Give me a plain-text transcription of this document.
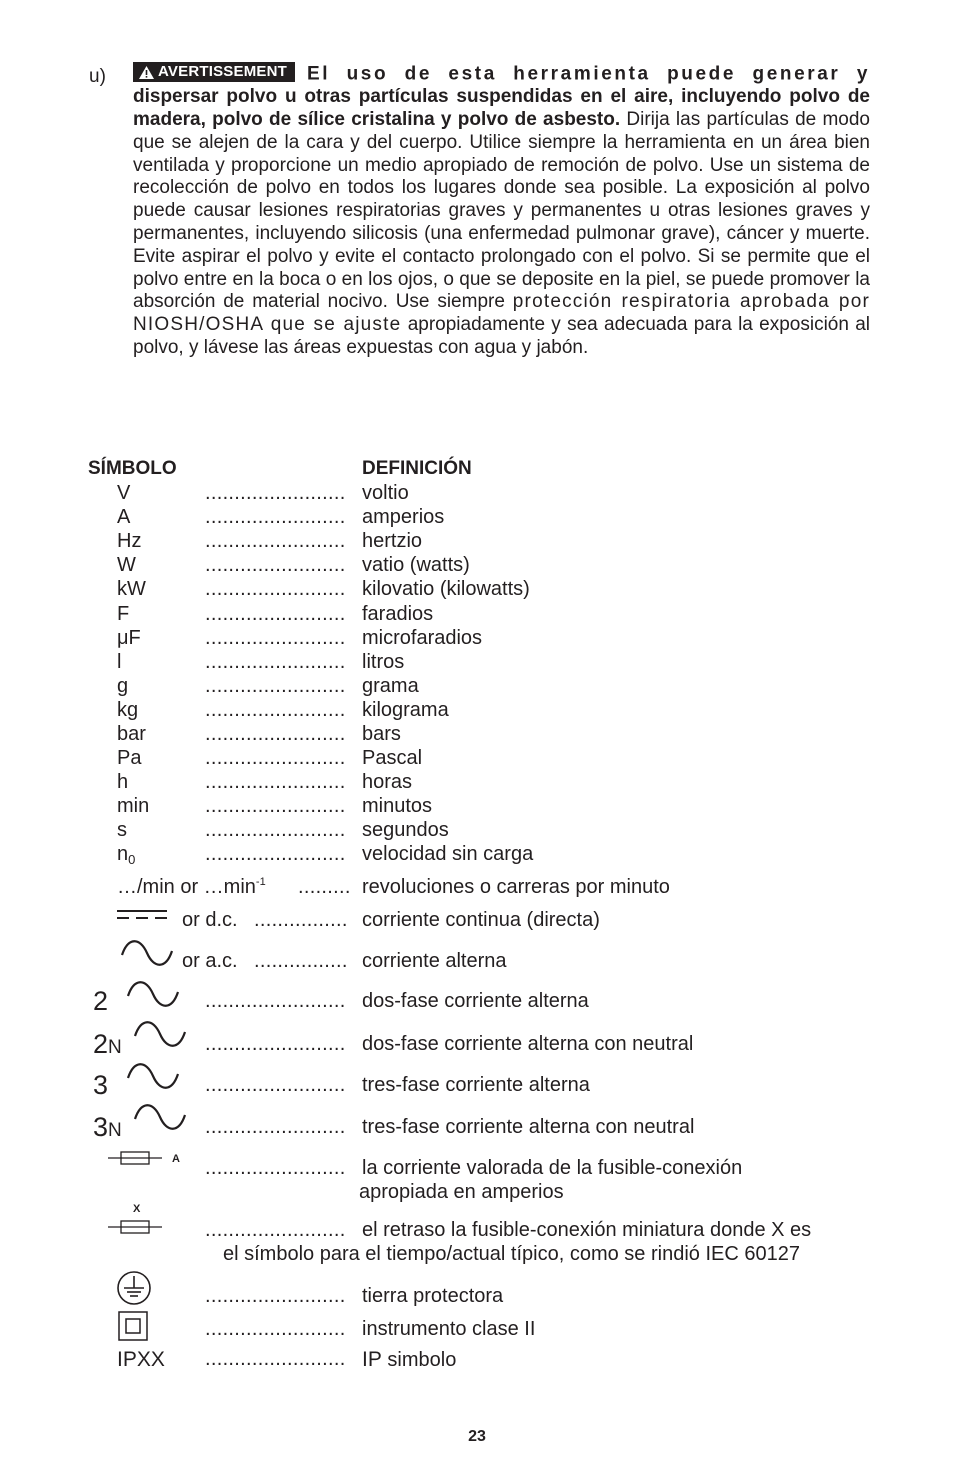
u)	AVERTISSEMENT El uso de esta herramienta puede generar y dispersar polvo u otras partículas suspendidas en el aire, incluyendo polvo de madera, polvo de sílice cristalina y polvo de asbesto. Dirija las partículas de modo que se alejen de la cara y del cuerpo. Utilice siempre la herramienta en un área bien ventilada y proporcione un medio apropiado de remoción de polvo. Use un sistema de recolección de polvo en todos los lugares donde sea posible. La exposición al polvo puede causar lesiones respiratorias graves y permanentes u otras lesiones graves y permanentes, incluyendo silicosis (una enfermedad pulmonar grave), cáncer y muerte. Evite aspirar el polvo y evite el contacto prolongado con el polvo. Si se permite que el polvo entre en la boca o en los ojos, o que se deposite en la piel, se puede promover la absorción de material nocivo. Use siempre protección respiratoria aprobada por NIOSH/OSHA que se ajuste apropiadamente y sea adecuada para la exposición al polvo, y lávese las áreas expuestas con agua y jabón.
SÍMBOLO	DEFINICIÓN
V	........................ voltio
A	........................ amperios
Hz	........................ hertzio
W	........................ vatio (watts)
kW	........................ kilovatio (kilowatts)
F	........................ faradios
μF	........................ microfaradios
l	........................ litros
g	........................ grama
kg	........................ kilograma
bar	........................ bars
Pa	........................ Pascal
h	........................ horas
min	........................ minutos
s	........................ segundos
$n_0$	........................ velocidad sin carga
…/min or $\dots\min^{-1}$ ......... revoluciones o carreras por minuto
or d.c. ................ corriente continua (directa)
or a.c. ................ corriente alterna
2	........................ dos-fase corriente alterna
2N	........................ dos-fase corriente alterna con neutral
3	........................ tres-fase corriente alterna
3N	........................ tres-fase corriente alterna con neutral
A ........................ la corriente valorada de la fusible-conexión
apropiada en amperios
X
........................ el retraso la fusible-conexión miniatura donde X es
el símbolo para el tiempo/actual típico, como se rindió IEC 60127
........................ tierra protectora
........................ instrumento clase II
IPXX ........................ IP simbolo
23
